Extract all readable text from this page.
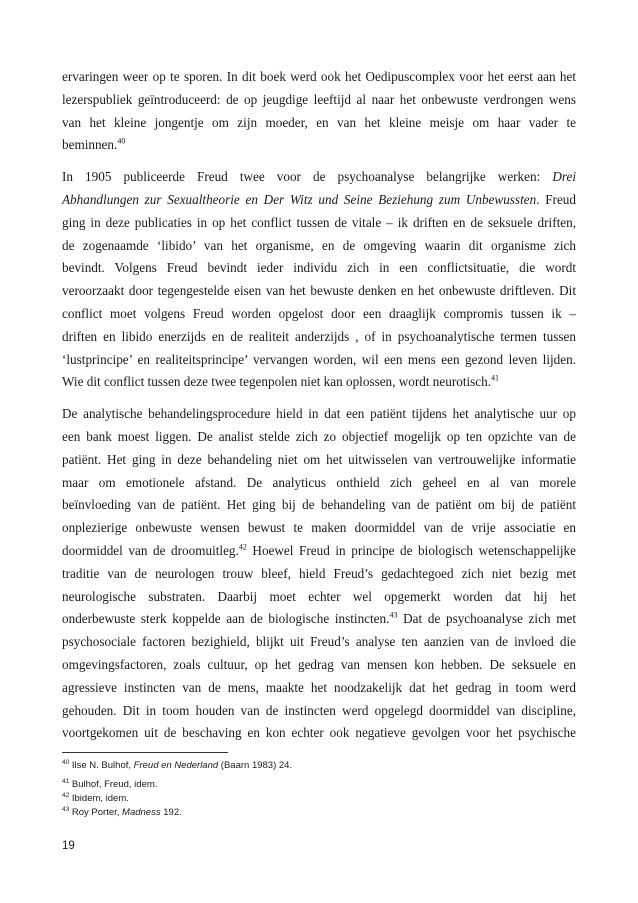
ervaringen weer op te sporen. In dit boek werd ook het Oedipuscomplex voor het eerst aan het
lezerspubliek geïntroduceerd: de op jeugdige leeftijd al naar het onbewuste verdrongen wens
van het kleine jongentje om zijn moeder, en van het kleine meisje om haar vader te
beminnen.$^{40}$

In 1905 publiceerde Freud twee voor de psychoanalyse belangrijke werken: Drei
Abhandlungen zur Sexualtheorie en Der Witz und Seine Beziehung zum Unbewussten. Freud
ging in deze publicaties in op het conflict tussen de vitale – ik driften en de seksuele driften,
de zogenaamde ‘libido’ van het organisme, en de omgeving waarin dit organisme zich
bevindt. Volgens Freud bevindt ieder individu zich in een conflictsituatie, die wordt
veroorzaakt door tegengestelde eisen van het bewuste denken en het onbewuste driftleven. Dit
conflict moet volgens Freud worden opgelost door een draaglijk compromis tussen ik –
driften en libido enerzijds en de realiteit anderzijds , of in psychoanalytische termen tussen
‘lustprincipe’ en realiteitsprincipe’ vervangen worden, wil een mens een gezond leven lijden.
Wie dit conflict tussen deze twee tegenpolen niet kan oplossen, wordt neurotisch.$^{41}$

De analytische behandelingsprocedure hield in dat een patiënt tijdens het analytische uur op
een bank moest liggen. De analist stelde zich zo objectief mogelijk op ten opzichte van de
patiënt. Het ging in deze behandeling niet om het uitwisselen van vertrouwelijke informatie
maar om emotionele afstand. De analyticus onthield zich geheel en al van morele
beïnvloeding van de patiënt. Het ging bij de behandeling van de patiënt om bij de patiënt
onplezierige onbewuste wensen bewust te maken doormiddel van de vrije associatie en
doormiddel van de droomuitleg.$^{42}$ Hoewel Freud in principe de biologisch wetenschappelijke
traditie van de neurologen trouw bleef, hield Freud’s gedachtegoed zich niet bezig met
neurologische substraten. Daarbij moet echter wel opgemerkt worden dat hij het
onderbewuste sterk koppelde aan de biologische instincten.$^{43}$ Dat de psychoanalyse zich met
psychosociale factoren bezighield, blijkt uit Freud’s analyse ten aanzien van de invloed die
omgevingsfactoren, zoals cultuur, op het gedrag van mensen kon hebben. De seksuele en
agressieve instincten van de mens, maakte het noodzakelijk dat het gedrag in toom werd
gehouden. Dit in toom houden van de instincten werd opgelegd doormiddel van discipline,
voortgekomen uit de beschaving en kon echter ook negatieve gevolgen voor het psychische

$^{40}$ Ilse N. Bulhof, Freud en Nederland (Baarn 1983) 24.
$^{41}$ Bulhof, Freud, idem.
$^{42}$ Ibidem, idem.
$^{43}$ Roy Porter, Madness 192.
19
